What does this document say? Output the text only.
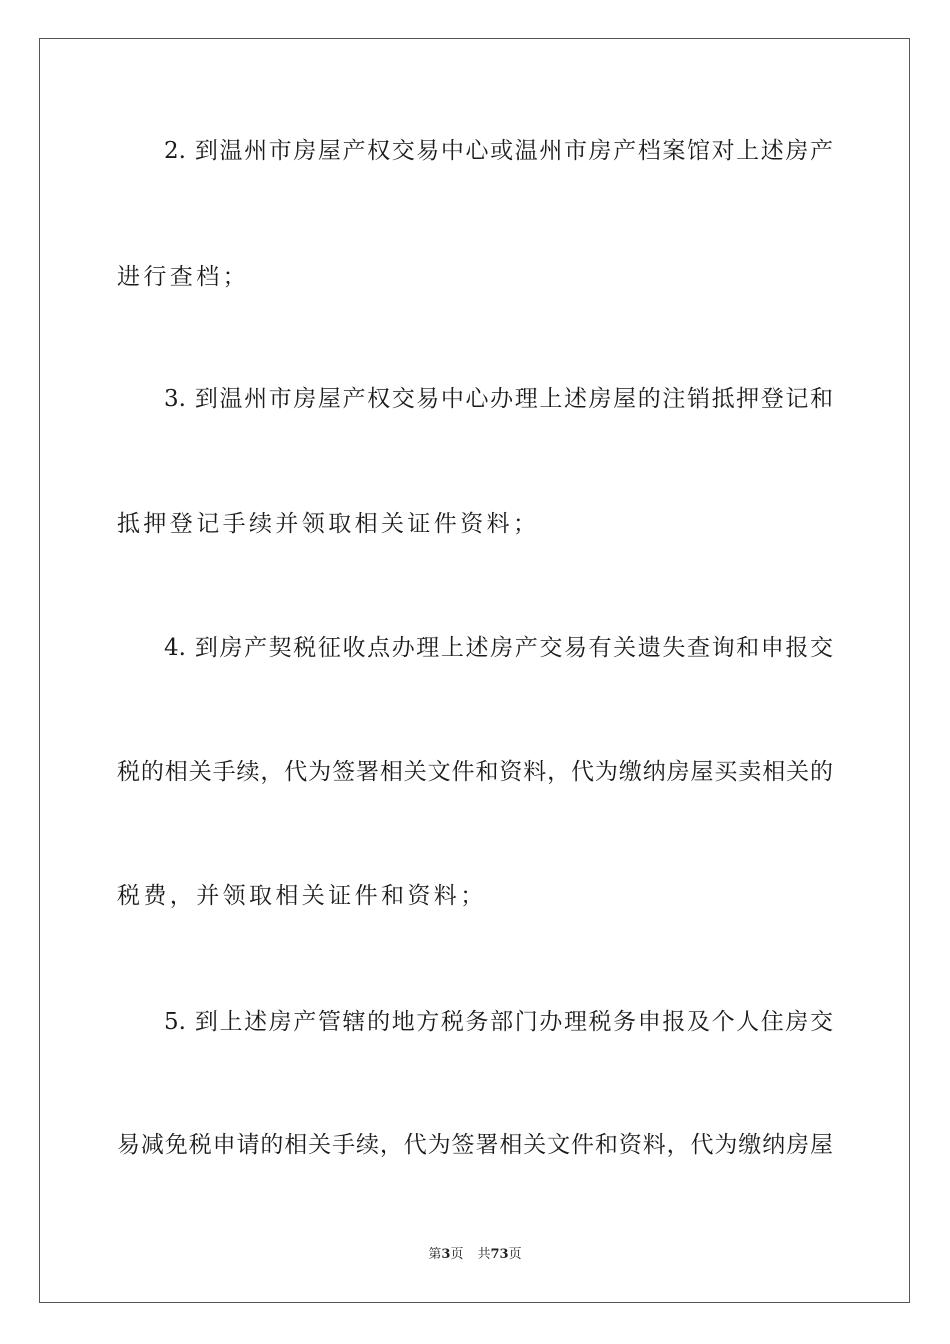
2. 到温州市房屋产权交易中心或温州市房产档案馆对上述房产
进行查档；
3. 到温州市房屋产权交易中心办理上述房屋的注销抵押登记和
抵押登记手续并领取相关证件资料；
4. 到房产契税征收点办理上述房产交易有关遗失查询和申报交
税的相关手续，代为签署相关文件和资料，代为缴纳房屋买卖相关的
税费，并领取相关证件和资料；
5. 到上述房产管辖的地方税务部门办理税务申报及个人住房交
易减免税申请的相关手续，代为签署相关文件和资料，代为缴纳房屋
第3页 共73页
